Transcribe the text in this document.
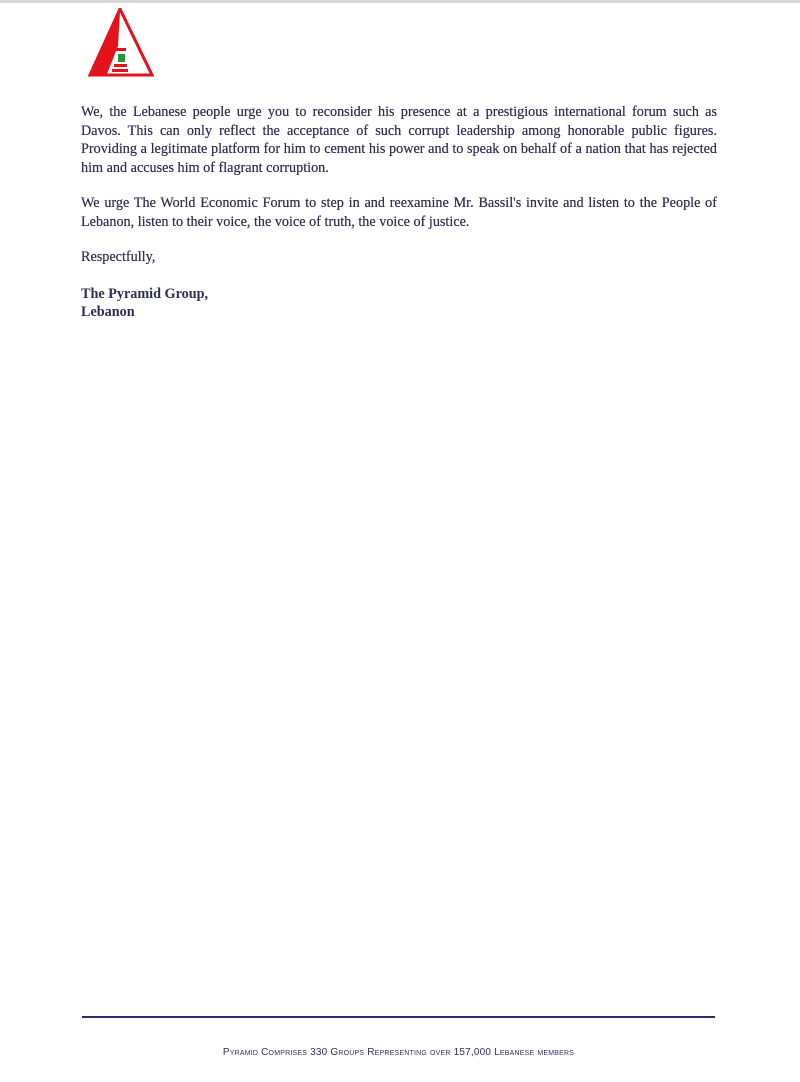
We, the Lebanese people urge you to reconsider his presence at a prestigious international forum such as Davos. This can only reflect the acceptance of such corrupt leadership among honorable public figures. Providing a legitimate platform for him to cement his power and to speak on behalf of a nation that has rejected him and accuses him of flagrant corruption.

We urge The World Economic Forum to step in and reexamine Mr. Bassil's invite and listen to the People of Lebanon, listen to their voice, the voice of truth, the voice of justice.

Respectfully,

The Pyramid Group,
Lebanon

Pyramid Comprises 330 Groups Representing over 157,000 Lebanese members
